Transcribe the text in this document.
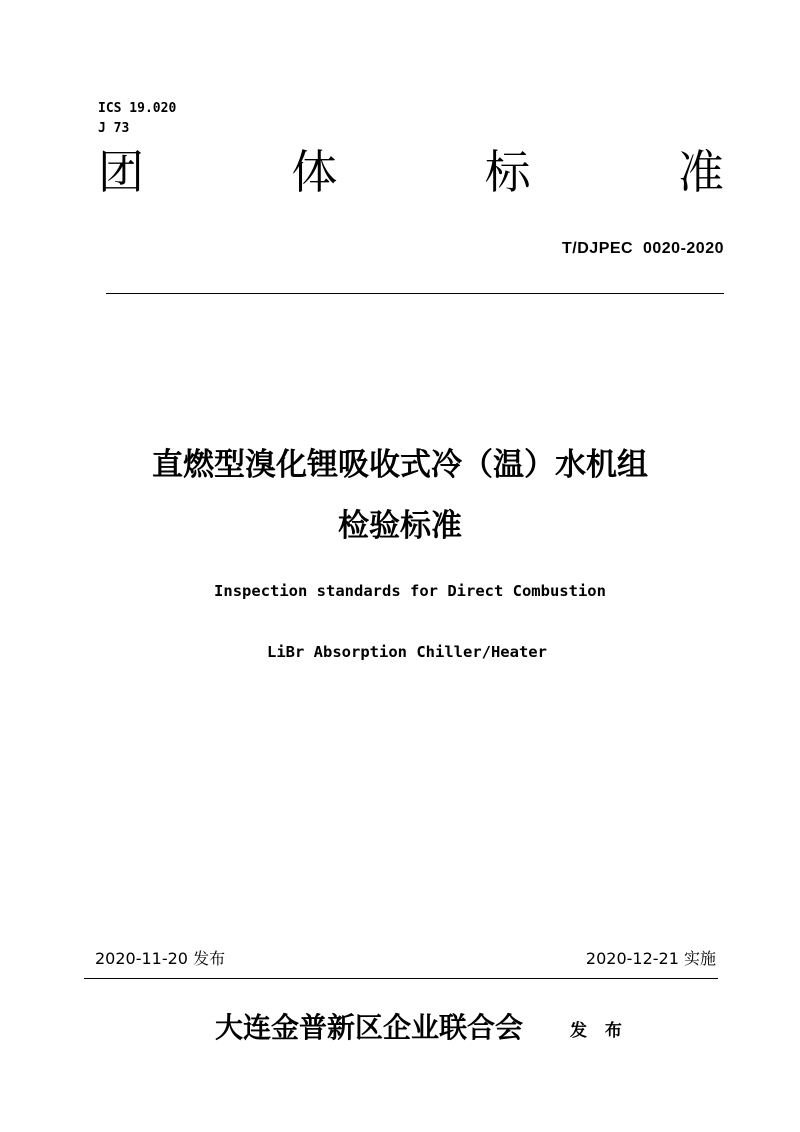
ICS 19.020
J 73
团	体	标	准
T/DJPEC  0020-2020
直燃型溴化锂吸收式冷（温）水机组
检验标准
Inspection standards for Direct Combustion
LiBr Absorption Chiller/Heater
2020-11-20 发布	2020-12-21 实施
大连金普新区企业联合会	发 布
